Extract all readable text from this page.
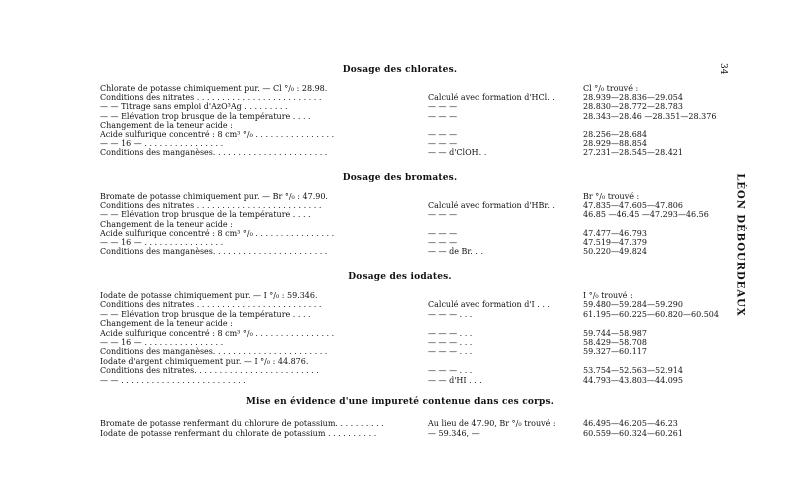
34
LÉON DÉBOURDEAUX
Dosage des chlorates.
Chlorate de potasse chimiquement pur. — Cl °/₀ : 28.98.	Cl °/₀ trouvé :
Conditions des nitrates . . . . . . . . . . . . . . . . . . . . . . . . .	Calculé avec formation d'HCl. .	28.939—28.836—29.054
— — Titrage sans emploi d'AzO³Ag . . . . . . . . .	— — —	28.830—28.772—28.783
— — Elévation trop brusque de la température . . . .	— — —	28.343—28.46 —28.351—28.376
Changement de la teneur acide :
Acide sulfurique concentré : 8 cm³ °/₀ . . . . . . . . . . . . . . . .	— — —	28.256—28.684
— — 16 — . . . . . . . . . . . . . . . .	— — —	28.929—88.854
Conditions des manganèses. . . . . . . . . . . . . . . . . . . . . . .	— — d'ClOH. .	27.231—28.545—28.421
Dosage des bromates.
Bromate de potasse chimiquement pur. — Br °/₀ : 47.90.	Br °/₀ trouvé :
Conditions des nitrates . . . . . . . . . . . . . . . . . . . . . . . . .	Calculé avec formation d'HBr. .	47.835—47.605—47.806
— — Elévation trop brusque de la température . . . .	— — —	46.85 —46.45 —47.293—46.56
Changement de la teneur acide :
Acide sulfurique concentré : 8 cm³ °/₀ . . . . . . . . . . . . . . . .	— — —	47.477—46.793
— — 16 — . . . . . . . . . . . . . . . .	— — —	47.519—47.379
Conditions des manganèses. . . . . . . . . . . . . . . . . . . . . . .	— — de Br. . .	50.220—49.824
Dosage des iodates.
Iodate de potasse chimiquement pur. — I °/₀ : 59.346.	I °/₀ trouvé :
Conditions des nitrates . . . . . . . . . . . . . . . . . . . . . . . . .	Calculé avec formation d'I . . .	59.480—59.284—59.290
— — Elévation trop brusque de la température . . . .	— — — . . .	61.195—60.225—60.820—60.504
Changement de la teneur acide :
Acide sulfurique concentré : 8 cm³ °/₀ . . . . . . . . . . . . . . . .	— — — . . .	59.744—58.987
— — 16 — . . . . . . . . . . . . . . . .	— — — . . .	58.429—58.708
Conditions des manganèses. . . . . . . . . . . . . . . . . . . . . . .	— — — . . .	59.327—60.117
Iodate d'argent chimiquement pur. — I °/₀ : 44.876.
Conditions des nitrates. . . . . . . . . . . . . . . . . . . . . . . . .	— — — . . .	53.754—52.563—52.914
— — . . . . . . . . . . . . . . . . . . . . . . . . .	— — d'HI . . .	44.793—43.803—44.095
Mise en évidence d'une impureté contenue dans ces corps.
Bromate de potasse renfermant du chlorure de potassium. . . . . . . . . .	Au lieu de 47.90, Br °/₀ trouvé :	46.495—46.205—46.23
Iodate de potasse renfermant du chlorate de potassium . . . . . . . . . .	— 59.346, —	60.559—60.324—60.261
